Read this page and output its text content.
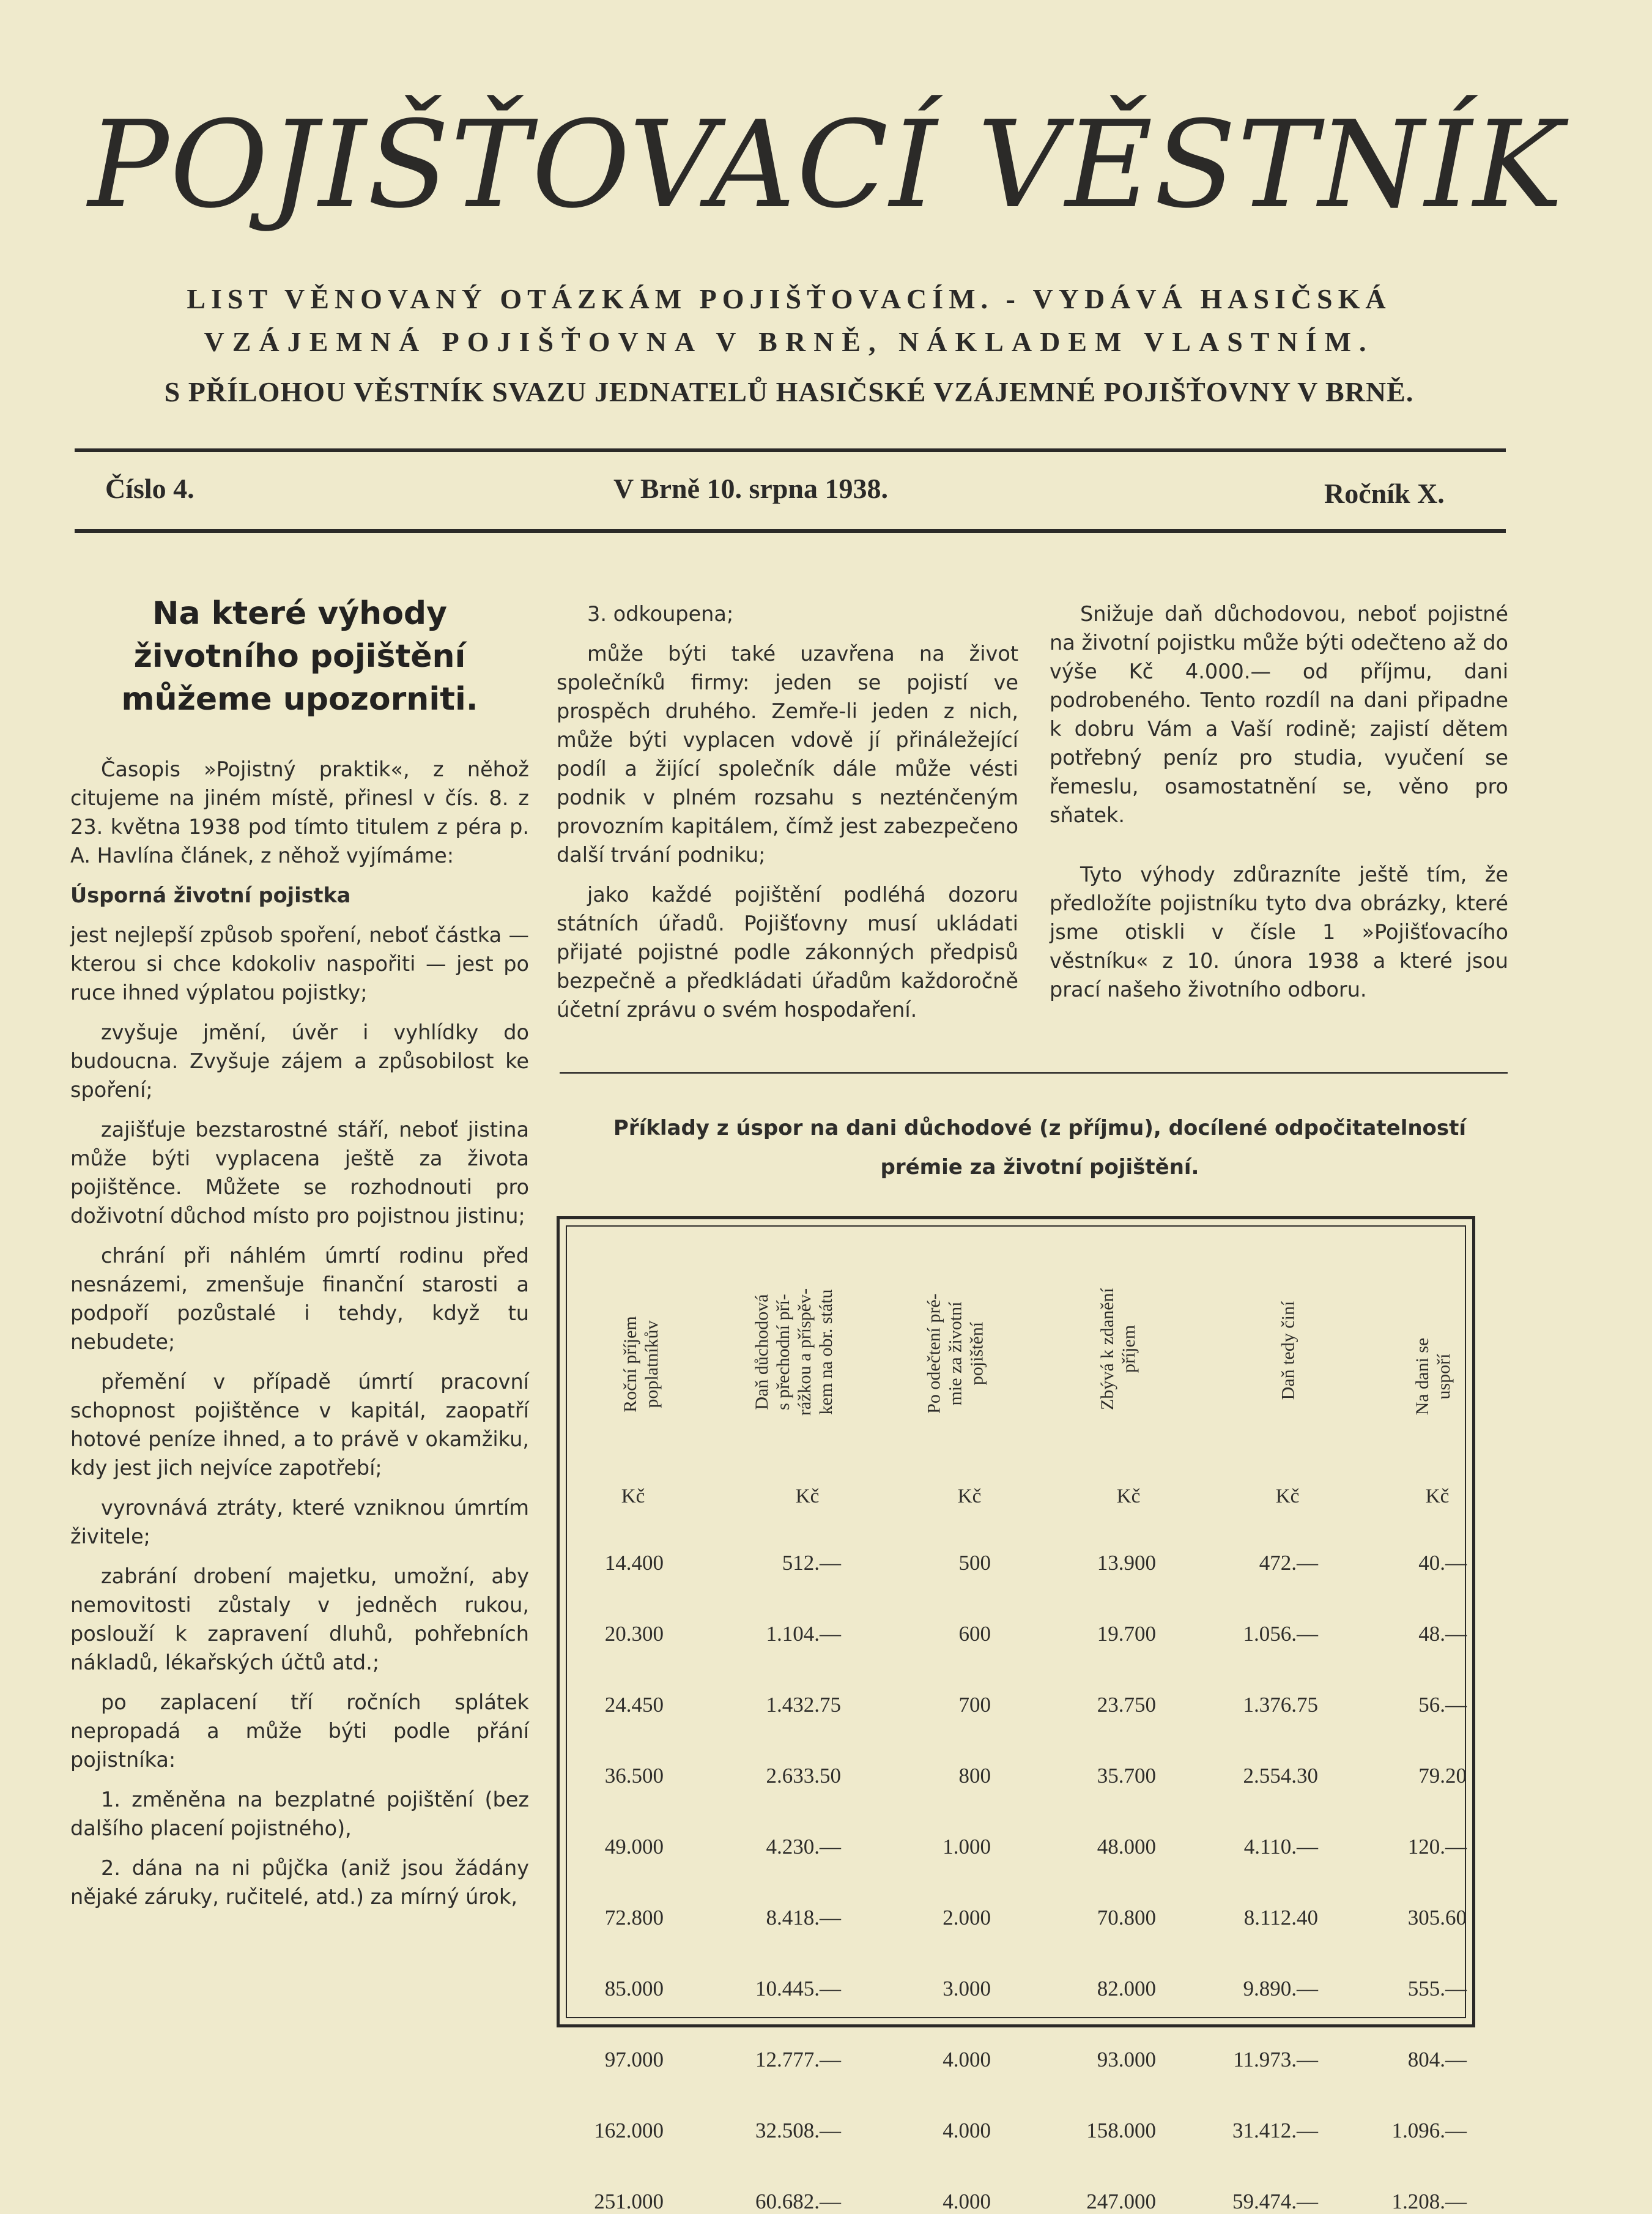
POJIŠŤOVACÍ VĚSTNÍK
LIST VĚNOVANÝ OTÁZKÁM POJIŠŤOVACÍM. - VYDÁVÁ HASIČSKÁ
VZÁJEMNÁ POJIŠŤOVNA V BRNĚ, NÁKLADEM VLASTNÍM.
S PŘÍLOHOU VĚSTNÍK SVAZU JEDNATELŮ HASIČSKÉ VZÁJEMNÉ POJIŠŤOVNY V BRNĚ.
Číslo 4.	V Brně 10. srpna 1938.	Ročník X.
Na které výhody
životního pojištění
můžeme upozorniti.

Časopis »Pojistný praktik«, z něhož citujeme na jiném místě, přinesl v čís. 8. z 23. května 1938 pod tímto titulem z péra p. A. Havlína článek, z něhož vyjímáme:

Úsporná životní pojistka

jest nejlepší způsob spoření, neboť částka — kterou si chce kdokoliv naspořiti — jest po ruce ihned výplatou pojistky;

zvyšuje jmění, úvěr i vyhlídky do budoucna. Zvyšuje zájem a způsobilost ke spoření;

zajišťuje bezstarostné stáří, neboť jistina může býti vyplacena ještě za života pojištěnce. Můžete se rozhodnouti pro doživotní důchod místo pro pojistnou jistinu;

chrání při náhlém úmrtí rodinu před nesnázemi, zmenšuje finanční starosti a podpoří pozůstalé i tehdy, když tu nebudete;

přemění v případě úmrtí pracovní schopnost pojištěnce v kapitál, zaopatří hotové peníze ihned, a to právě v okamžiku, kdy jest jich nejvíce zapotřebí;

vyrovnává ztráty, které vzniknou úmrtím živitele;

zabrání drobení majetku, umožní, aby nemovitosti zůstaly v jedněch rukou, poslouží k zapravení dluhů, pohřebních nákladů, lékařských účtů atd.;

po zaplacení tří ročních splátek nepropadá a může býti podle přání pojistníka:

1. změněna na bezplatné pojištění (bez dalšího placení pojistného),

2. dána na ni půjčka (aniž jsou žádány nějaké záruky, ručitelé, atd.) za mírný úrok,

3. odkoupena;

může býti také uzavřena na život společníků firmy: jeden se pojistí ve prospěch druhého. Zemře-li jeden z nich, může býti vyplacen vdově jí přináležející podíl a žijící společník dále může vésti podnik v plném rozsahu s nezténčeným provozním kapitálem, čímž jest zabezpečeno další trvání podniku;

jako každé pojištění podléhá dozoru státních úřadů. Pojišťovny musí ukládati přijaté pojistné podle zákonných předpisů bezpečně a předkládati úřadům každoročně účetní zprávu o svém hospodaření.

Snižuje daň důchodovou, neboť pojistné na životní pojistku může býti odečteno až do výše Kč 4.000.— od příjmu, dani podrobeného. Tento rozdíl na dani připadne k dobru Vám a Vaší rodině; zajistí dětem potřebný peníz pro studia, vyučení se řemeslu, osamostatnění se, věno pro sňatek.

Tyto výhody zdůrazníte ještě tím, že předložíte pojistníku tyto dva obrázky, které jsme otiskli v čísle 1 »Pojišťovacího věstníku« z 10. února 1938 a které jsou prací našeho životního odboru.

Příklady z úspor na dani důchodové (z příjmu), docílené odpočitatelností
prémie za životní pojištění.
Roční příjem poplatníkův	Daň důchodová s přechodní pří- rážkou a příspěv- kem na obr. státu	Po odečtení pré- mie za životní pojištění	Zbývá k zdanění příjem	Daň tedy činí	Na dani se uspoří
Kč	Kč	Kč	Kč	Kč	Kč
14.400	512.—	500	13.900	472.—	40.—
20.300	1.104.—	600	19.700	1.056.—	48.—
24.450	1.432.75	700	23.750	1.376.75	56.—
36.500	2.633.50	800	35.700	2.554.30	79.20
49.000	4.230.—	1.000	48.000	4.110.—	120.—
72.800	8.418.—	2.000	70.800	8.112.40	305.60
85.000	10.445.—	3.000	82.000	9.890.—	555.—
97.000	12.777.—	4.000	93.000	11.973.—	804.—
162.000	32.508.—	4.000	158.000	31.412.—	1.096.—
251.000	60.682.—	4.000	247.000	59.474.—	1.208.—
